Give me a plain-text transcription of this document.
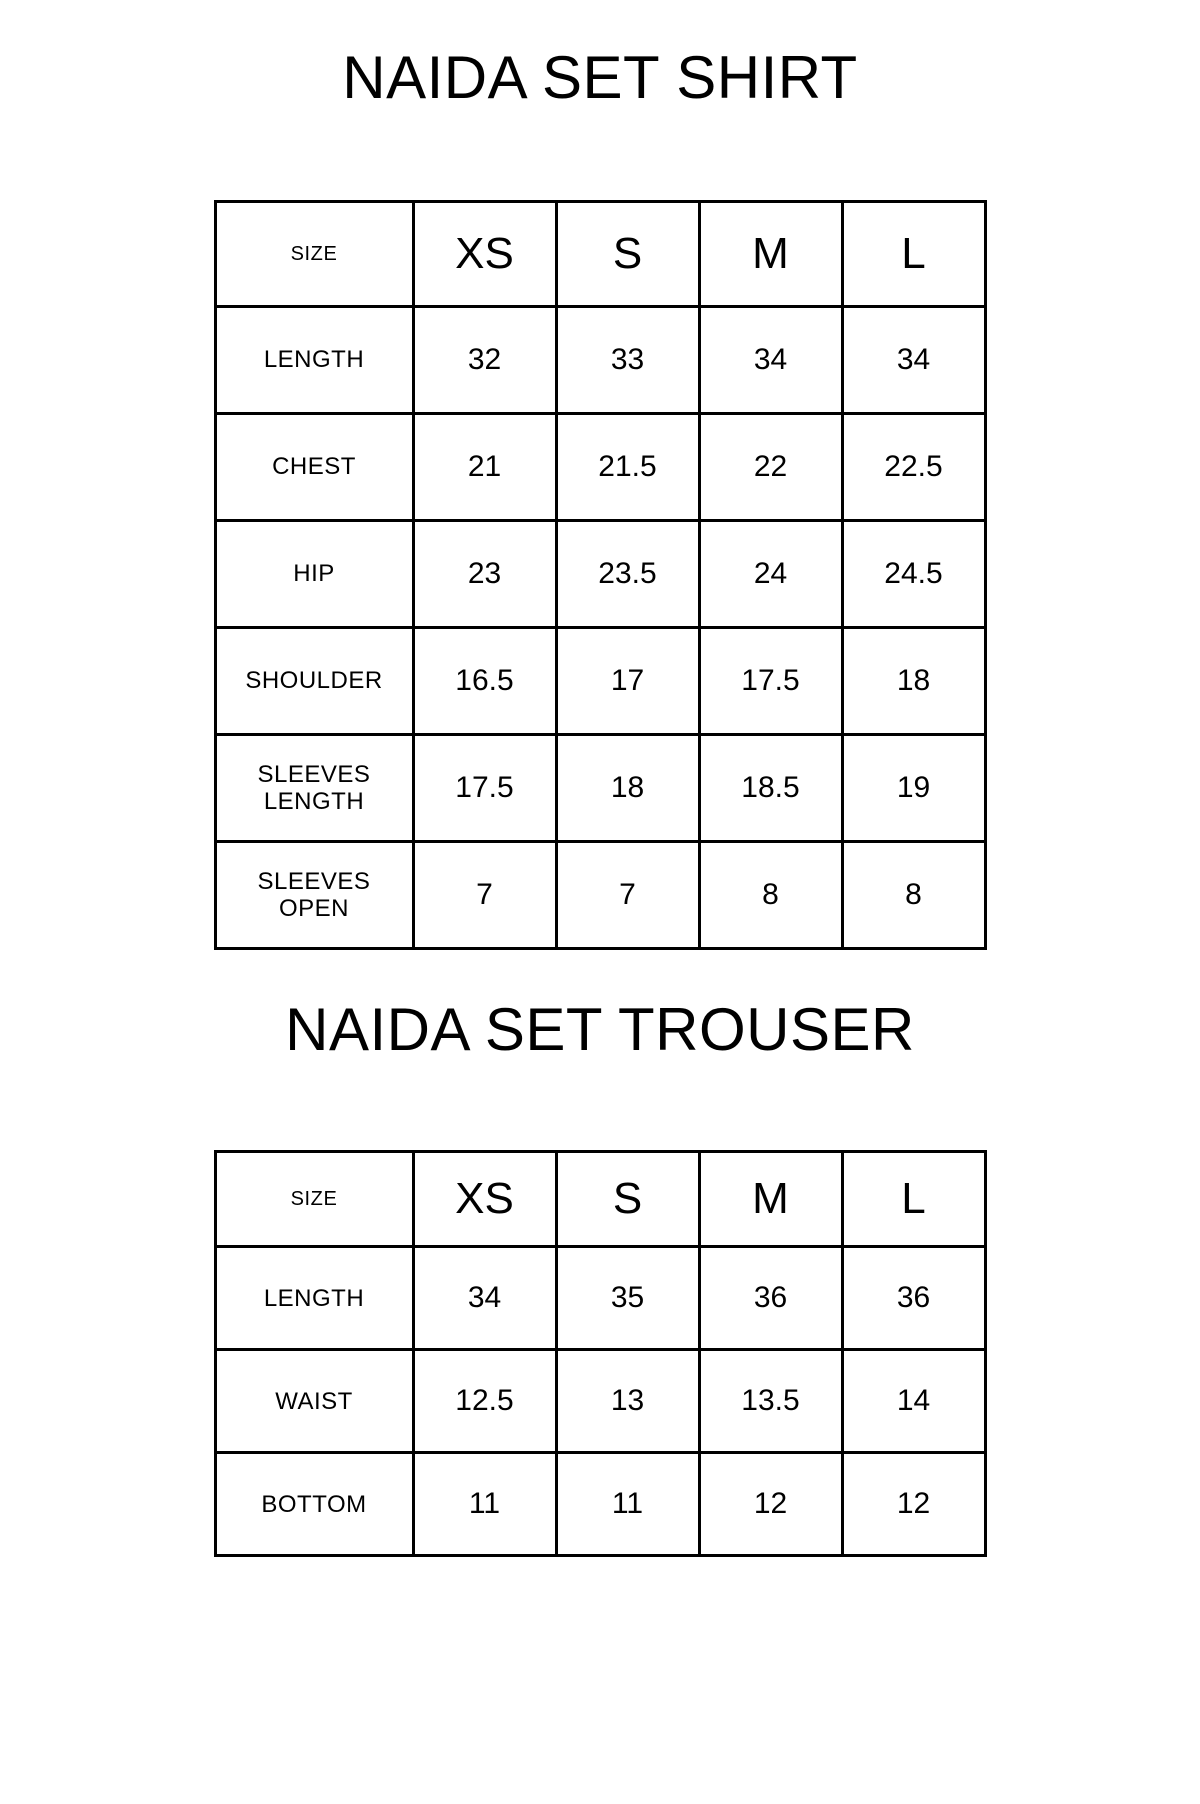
NAIDA SET SHIRT
SIZE	XS	S	M	L
LENGTH	32	33	34	34
CHEST	21	21.5	22	22.5
HIP	23	23.5	24	24.5
SHOULDER	16.5	17	17.5	18

SLEEVES
LENGTH	17.5	18	18.5	19

SLEEVES
OPEN	7	7	8	8
NAIDA SET TROUSER
SIZE	XS	S	M	L
LENGTH	34	35	36	36
WAIST	12.5	13	13.5	14
BOTTOM	11	11	12	12
